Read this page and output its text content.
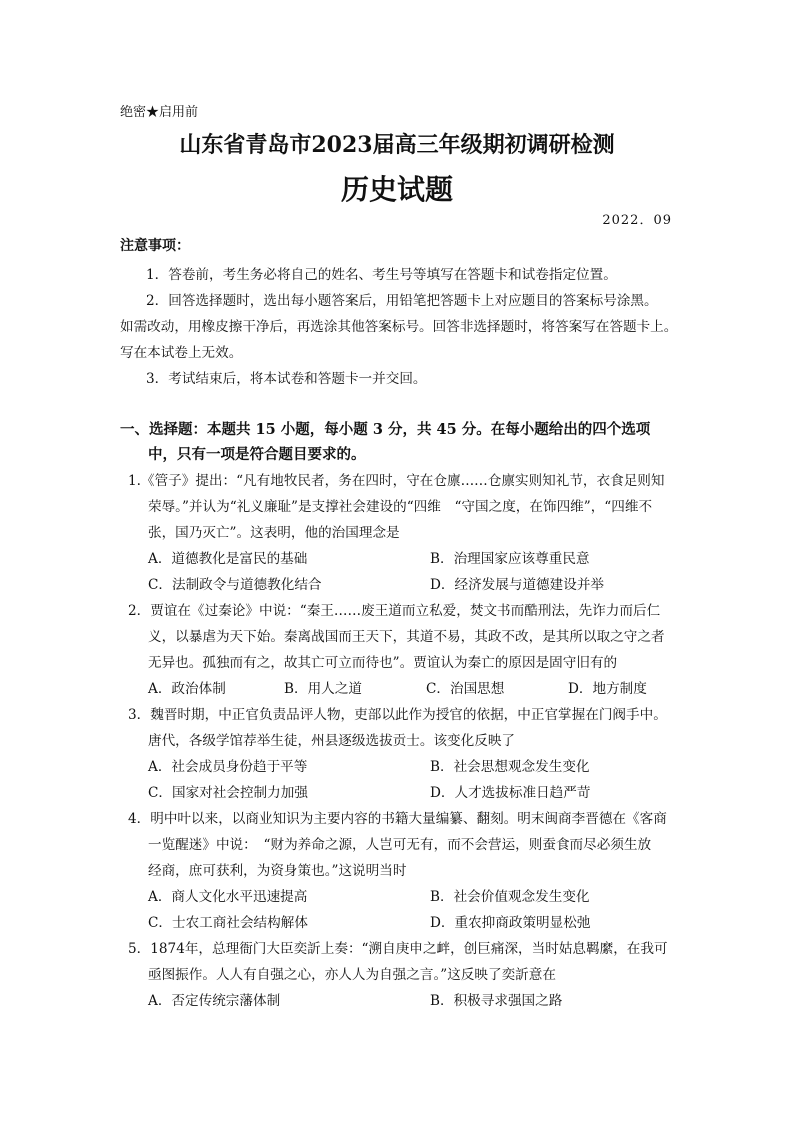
绝密★启用前
山东省青岛市2023届高三年级期初调研检测
历史试题
2022．09
注意事项：
1．答卷前，考生务必将自己的姓名、考生号等填写在答题卡和试卷指定位置。
2．回答选择题时，选出每小题答案后，用铅笔把答题卡上对应题目的答案标号涂黑。
如需改动，用橡皮擦干净后，再选涂其他答案标号。回答非选择题时，将答案写在答题卡上。
写在本试卷上无效。
3．考试结束后，将本试卷和答题卡一并交回。
一、选择题：本题共 15 小题，每小题 3 分，共 45 分。在每小题给出的四个选项
中，只有一项是符合题目要求的。
1.《管子》提出：“凡有地牧民者，务在四时，守在仓廪……仓廪实则知礼节，衣食足则知
荣辱。”并认为“礼义廉耻”是支撑社会建设的“四维　“守国之度，在饰四维”，“四维不
张，国乃灭亡”。这表明，他的治国理念是
A．道德教化是富民的基础	B．治理国家应该尊重民意
C．法制政令与道德教化结合	D．经济发展与道德建设并举
2．贾谊在《过秦论》中说：“秦王……废王道而立私爱，焚文书而酷刑法，先诈力而后仁
义，以暴虐为天下始。秦离战国而王天下，其道不易，其政不改，是其所以取之守之者
无异也。孤独而有之，故其亡可立而待也”。贾谊认为秦亡的原因是固守旧有的
A．政治体制	B．用人之道	C．治国思想	D．地方制度
3．魏晋时期，中正官负责品评人物，吏部以此作为授官的依据，中正官掌握在门阀手中。
唐代，各级学馆荐举生徒，州县逐级选拔贡士。该变化反映了
A．社会成员身份趋于平等	B．社会思想观念发生变化
C．国家对社会控制力加强	D．人才选拔标准日趋严苛
4．明中叶以来，以商业知识为主要内容的书籍大量编纂、翻刻。明末闽商李晋德在《客商
一览醒迷》中说：　“财为养命之源，人岂可无有，而不会营运，则蚕食而尽必须生放
经商，庶可获利，为资身策也。”这说明当时
A．商人文化水平迅速提高	B．社会价值观念发生变化
C．士农工商社会结构解体	D．重农抑商政策明显松弛
5．1874年，总理衙门大臣奕訢上奏：“溯自庚申之衅，创巨痛深，当时姑息羁縻，在我可
亟图振作。人人有自强之心，亦人人为自强之言。”这反映了奕訢意在
A．否定传统宗藩体制	B．积极寻求强国之路
